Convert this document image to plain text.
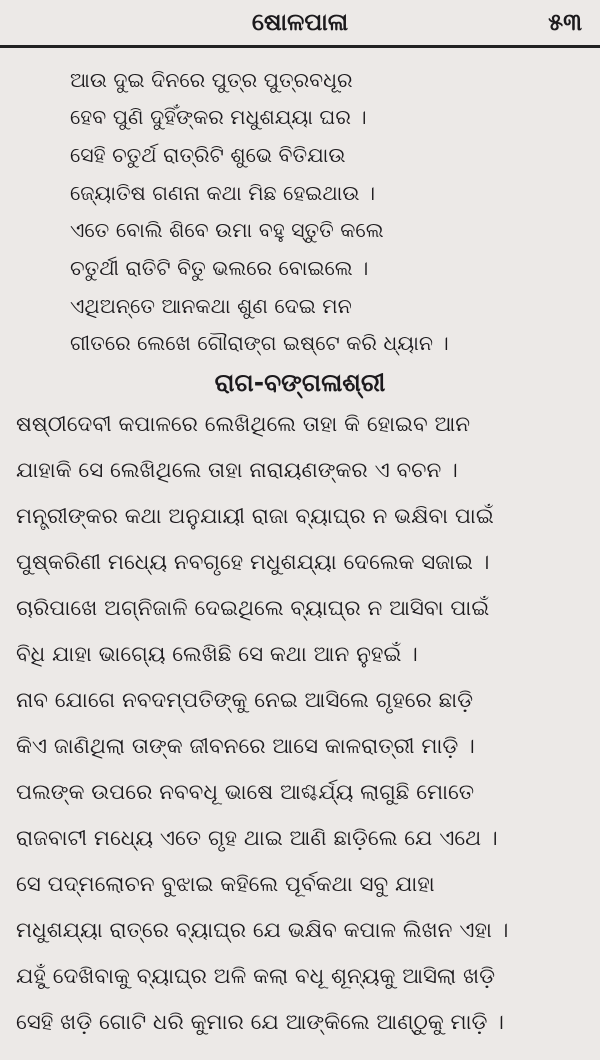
ଷୋଳପାଳା	୫୩
ଆଉ ଦୁଇ ଦିନରେ ପୁତ୍ର ପୁତ୍ରବଧୂର
ହେବ ପୁଣି ଦୁହିଁଙ୍କର ମଧୁଶଯ୍ୟା ଘର ।
ସେହି ଚତୁର୍ଥ ରାତ୍ରିଟି ଶୁଭେ ବିତିଯାଉ
ଜ୍ୟୋତିଷ ଗଣନା କଥା ମିଛ ହେଇଥାଉ ।
ଏତେ ବୋଲି ଶିବେ ଉମା ବହୁ ସ୍ତୁତି କଲେ
ଚତୁର୍ଥୀ ରାତିଟି ବିତୁ ଭଲରେ ବୋଇଲେ ।
ଏଥିଅନ୍ତେ ଆନକଥା ଶୁଣ ଦେଇ ମନ
ଗୀତରେ ଲେଖେ ଗୌରାଙ୍ଗ ଇଷ୍ଟେ କରି ଧ୍ୟାନ ।
ରାଗ-ବଙ୍ଗଳାଶ୍ରୀ
ଷଷ୍ଠୀଦେବୀ କପାଳରେ ଲେଖିଥିଲେ ତାହା କି ହୋଇବ ଆନ
ଯାହାକି ସେ ଲେଖିଥିଲେ ତାହା ନାରାୟଣଙ୍କର ଏ ବଚନ ।
ମନ୍ତ୍ରୀଙ୍କର କଥା ଅନୁଯାୟୀ ରାଜା ବ୍ୟାଘ୍ର ନ ଭକ୍ଷିବା ପାଇଁ
ପୁଷ୍କରିଣୀ ମଧ୍ୟେ ନବଗୃହେ ମଧୁଶଯ୍ୟା ଦେଲେକ ସଜାଇ ।
ଚାରିପାଖେ ଅଗ୍ନିଜାଳି ଦେଇଥିଲେ ବ୍ୟାଘ୍ର ନ ଆସିବା ପାଇଁ
ବିଧି ଯାହା ଭାଗ୍ୟେ ଲେଖିଛି ସେ କଥା ଆନ ନୁହଇଁ ।
ନାବ ଯୋଗେ ନବଦମ୍ପତିଙ୍କୁ ନେଇ ଆସିଲେ ଗୃହରେ ଛାଡ଼ି
କିଏ ଜାଣିଥିଲା ତାଙ୍କ ଜୀବନରେ ଆସେ କାଳରାତ୍ରୀ ମାଡ଼ି ।
ପଲଙ୍କ ଉପରେ ନବବଧୂ ଭାଷେ ଆଶ୍ଚର୍ଯ୍ୟ ଲାଗୁଛି ମୋତେ
ରାଜବାଟୀ ମଧ୍ୟେ ଏତେ ଗୃହ ଥାଇ ଆଣି ଛାଡ଼ିଲେ ଯେ ଏଥେ ।
ସେ ପଦ୍ମଲୋଚନ ବୁଝାଇ କହିଲେ ପୂର୍ବକଥା ସବୁ ଯାହା
ମଧୁଶଯ୍ୟା ରାତ୍ରେ ବ୍ୟାଘ୍ର ଯେ ଭକ୍ଷିବ କପାଳ ଲିଖନ ଏହା ।
ଯହୁଁ ଦେଖିବାକୁ ବ୍ୟାଘ୍ର ଅଳି କଲା ବଧୂ ଶୂନ୍ୟକୁ ଆସିଲା ଖଡ଼ି
ସେହି ଖଡ଼ି ଗୋଟି ଧରି କୁମାର ଯେ ଆଙ୍କିଲେ ଆଣ୍ଠୁକୁ ମାଡ଼ି ।
